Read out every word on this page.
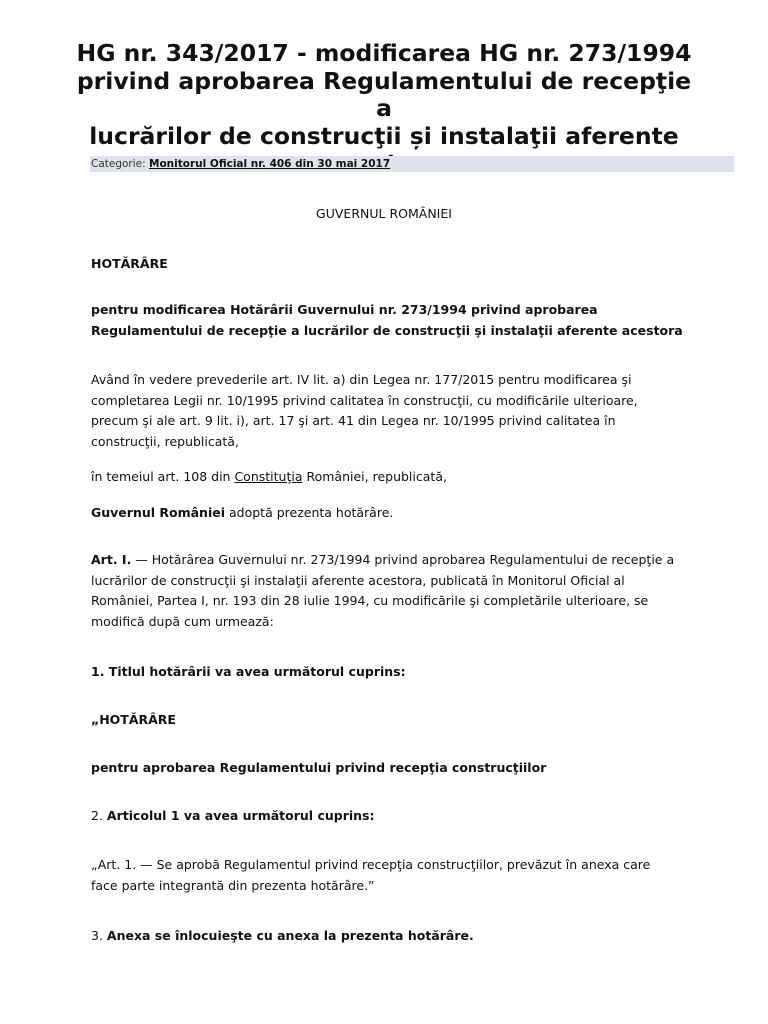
HG nr. 343/2017 - modificarea HG nr. 273/1994
privind aprobarea Regulamentului de recepţie a
lucrărilor de construcţii și instalaţii aferente
Categorie: Monitorul Oficial nr. 406 din 30 mai 2017

GUVERNUL ROMÂNIEI

HOTĂRÂRE

pentru modificarea Hotărârii Guvernului nr. 273/1994 privind aprobarea
Regulamentului de recepţie a lucrărilor de construcţii şi instalaţii aferente acestora

Având în vedere prevederile art. IV lit. a) din Legea nr. 177/2015 pentru modificarea şi
completarea Legii nr. 10/1995 privind calitatea în construcţii, cu modificările ulterioare,
precum şi ale art. 9 lit. i), art. 17 şi art. 41 din Legea nr. 10/1995 privind calitatea în
construcţii, republicată,

în temeiul art. 108 din Constituţia României, republicată,

Guvernul României adoptă prezenta hotărâre.

Art. I. — Hotărârea Guvernului nr. 273/1994 privind aprobarea Regulamentului de recepţie a
lucrărilor de construcţii şi instalaţii aferente acestora, publicată în Monitorul Oficial al
României, Partea I, nr. 193 din 28 iulie 1994, cu modificările şi completările ulterioare, se
modifică după cum urmează:

1. Titlul hotărârii va avea următorul cuprins:

„HOTĂRÂRE

pentru aprobarea Regulamentului privind recepţia construcţiilor

2. Articolul 1 va avea următorul cuprins:

„Art. 1. — Se aprobă Regulamentul privind recepţia construcţiilor, prevăzut în anexa care
face parte integrantă din prezenta hotărâre.”

3. Anexa se înlocuieşte cu anexa la prezenta hotărâre.
